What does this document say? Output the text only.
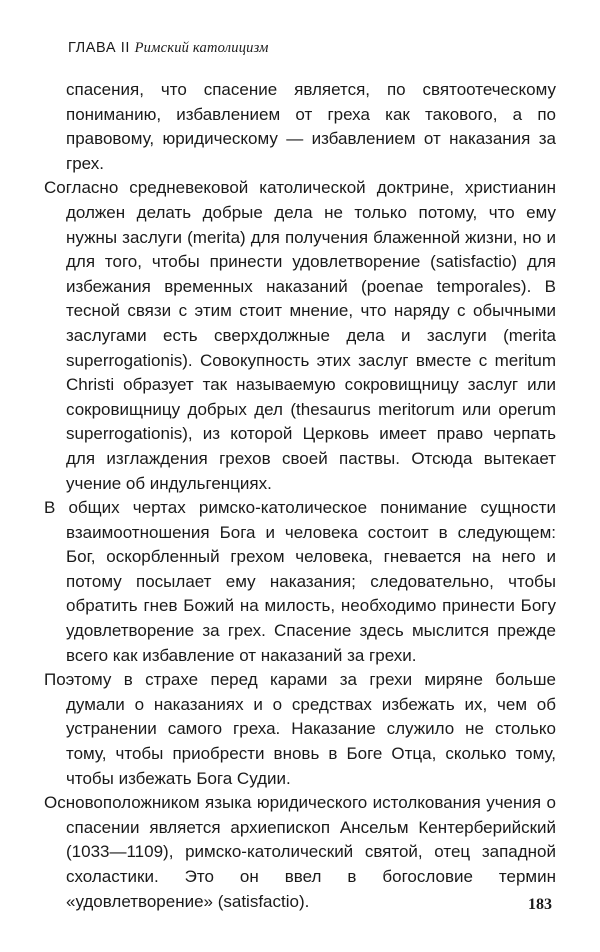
ГЛАВА II Римский католицизм

спасения, что спасение является, по святоотеческому пониманию, избавлением от греха как такового, а по правовому, юридическому — избавлением от наказания за грех.

Согласно средневековой католической доктрине, христианин должен делать добрые дела не только потому, что ему нужны заслуги (merita) для получения блаженной жизни, но и для того, чтобы принести удовлетворение (satisfactio) для избежания временных наказаний (poenae temporales). В тесной связи с этим стоит мнение, что наряду с обычными заслугами есть сверхдолжные дела и заслуги (merita superrogationis). Совокупность этих заслуг вместе с meritum Christi образует так называемую сокровищницу заслуг или сокровищницу добрых дел (thesaurus meritorum или operum superrogationis), из которой Церковь имеет право черпать для изглаждения грехов своей паствы. Отсюда вытекает учение об индульгенциях.

В общих чертах римско-католическое понимание сущности взаимоотношения Бога и человека состоит в следующем: Бог, оскорбленный грехом человека, гневается на него и потому посылает ему наказания; следовательно, чтобы обратить гнев Божий на милость, необходимо принести Богу удовлетворение за грех. Спасение здесь мыслится прежде всего как избавление от наказаний за грехи.

Поэтому в страхе перед карами за грехи миряне больше думали о наказаниях и о средствах избежать их, чем об устранении самого греха. Наказание служило не столько тому, чтобы приобрести вновь в Боге Отца, сколько тому, чтобы избежать Бога Судии.

Основоположником языка юридического истолкования учения о спасении является архиепископ Ансельм Кентерберийский (1033—1109), римско-католический святой, отец западной схоластики. Это он ввел в богословие термин «удовлетворение» (satisfactio).	183
